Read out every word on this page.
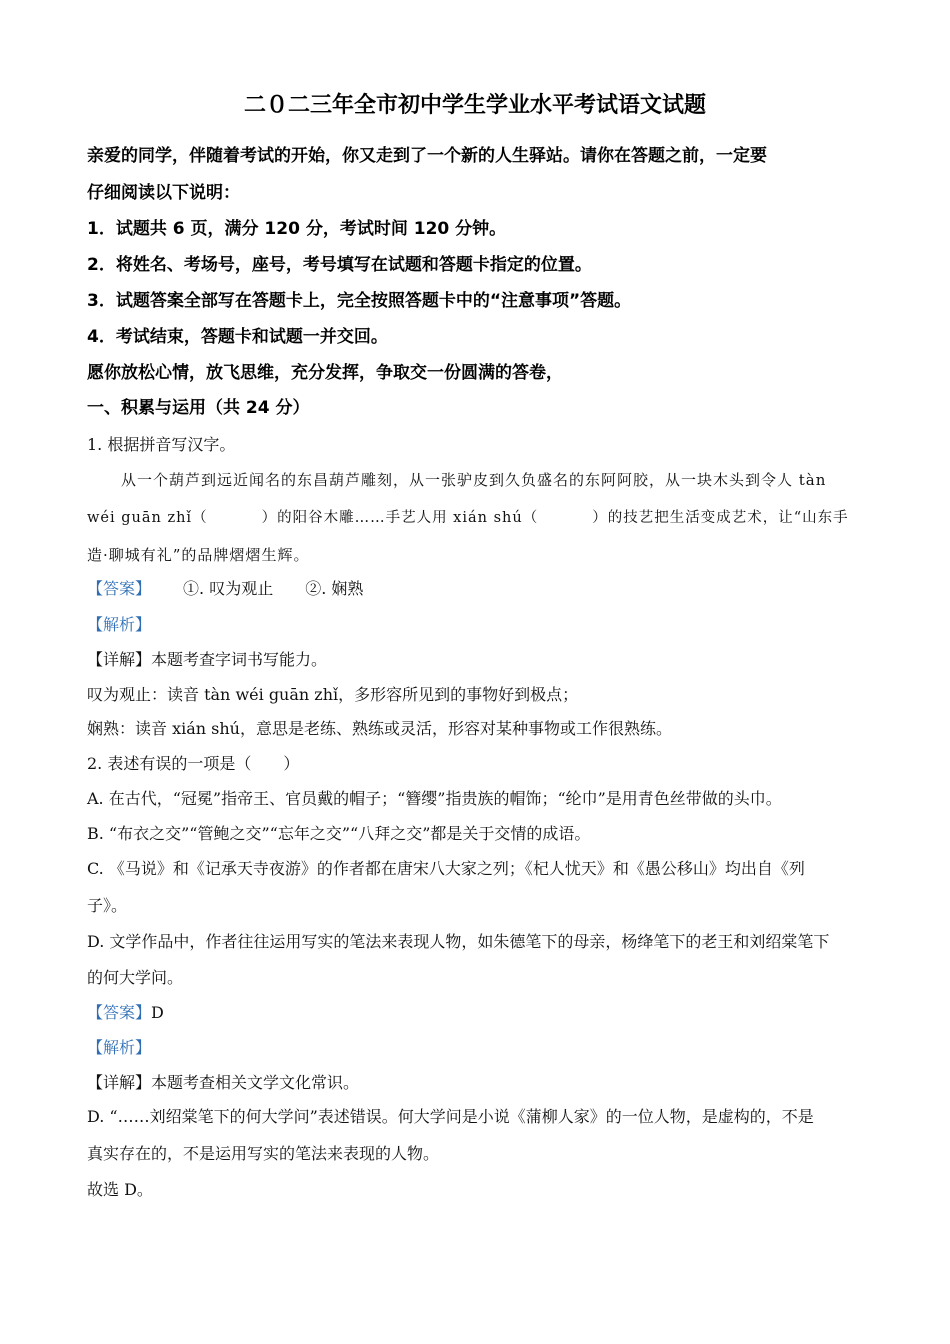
二０二三年全市初中学生学业水平考试语文试题
亲爱的同学，伴随着考试的开始，你又走到了一个新的人生驿站。请你在答题之前，一定要
仔细阅读以下说明：
1．试题共 6 页，满分 120 分，考试时间 120 分钟。
2．将姓名、考场号，座号，考号填写在试题和答题卡指定的位置。
3．试题答案全部写在答题卡上，完全按照答题卡中的“注意事项”答题。
4．考试结束，答题卡和试题一并交回。
愿你放松心情，放飞思维，充分发挥，争取交一份圆满的答卷，
一、积累与运用（共 24 分）
1. 根据拼音写汉字。
从一个葫芦到远近闻名的东昌葫芦雕刻，从一张驴皮到久负盛名的东阿阿胶，从一块木头到令人 tàn
wéi guān zhǐ（	）的阳谷木雕……手艺人用 xián shú（	）的技艺把生活变成艺术，让“山东手
造·聊城有礼”的品牌熠熠生辉。
【答案】 ①. 叹为观止 ②. 娴熟
【解析】
【详解】本题考查字词书写能力。
叹为观止：读音 tàn wéi guān zhǐ，多形容所见到的事物好到极点；
娴熟：读音 xián shú，意思是老练、熟练或灵活，形容对某种事物或工作很熟练。
2. 表述有误的一项是（　　）
A. 在古代，“冠冕”指帝王、官员戴的帽子；“簪缨”指贵族的帽饰；“纶巾”是用青色丝带做的头巾。
B. “布衣之交”“管鲍之交”“忘年之交”“八拜之交”都是关于交情的成语。
C. 《马说》和《记承天寺夜游》的作者都在唐宋八大家之列；《杞人忧天》和《愚公移山》均出自《列
子》。
D. 文学作品中，作者往往运用写实的笔法来表现人物，如朱德笔下的母亲，杨绛笔下的老王和刘绍棠笔下
的何大学问。
【答案】D
【解析】
【详解】本题考查相关文学文化常识。
D. “……刘绍棠笔下的何大学问”表述错误。何大学问是小说《蒲柳人家》的一位人物，是虚构的，不是
真实存在的，不是运用写实的笔法来表现的人物。
故选 D。
